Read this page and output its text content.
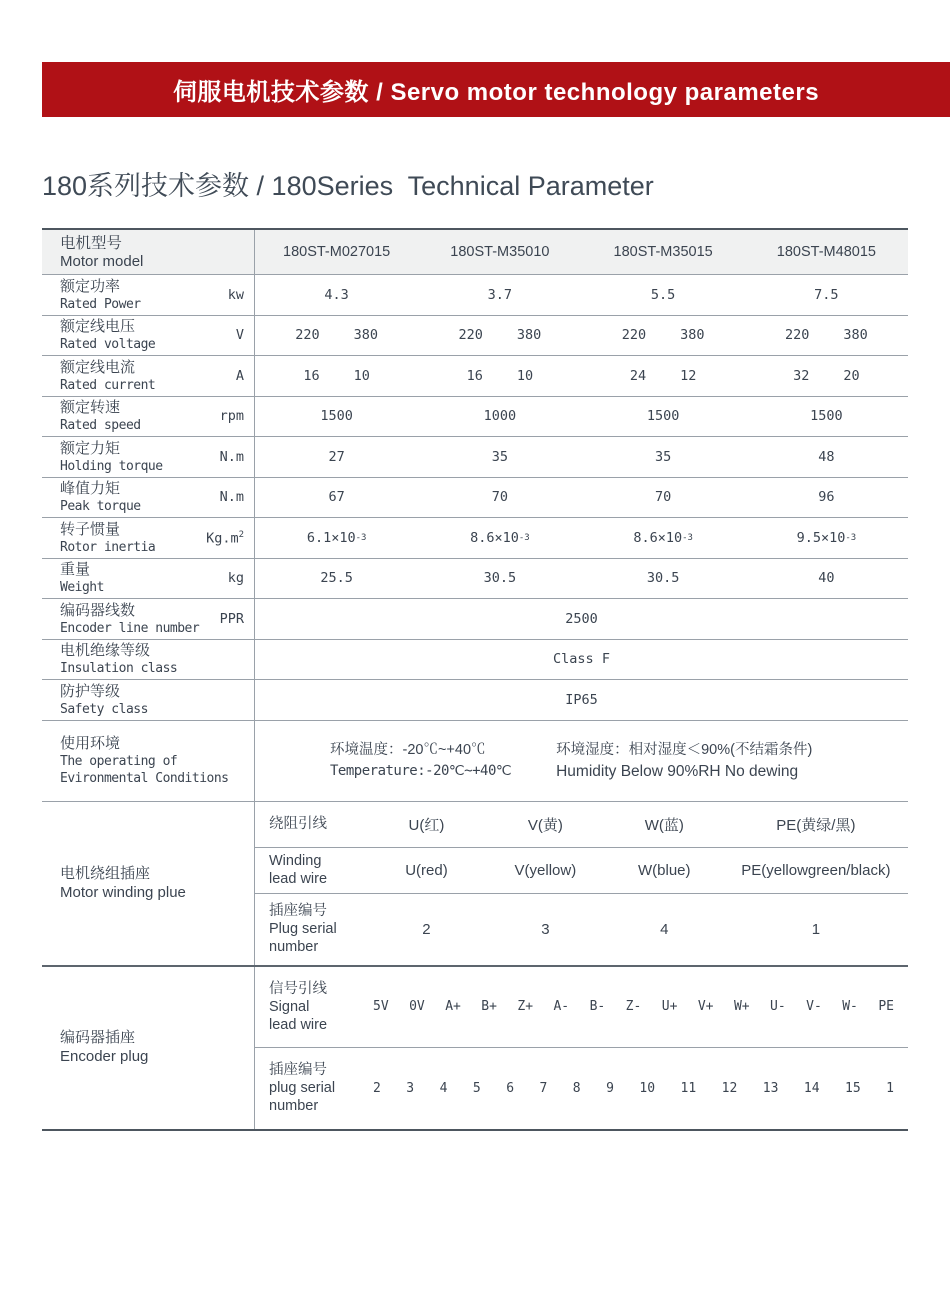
伺服电机技术参数 / Servo motor technology parameters
180系列技术参数 / 180Series  Technical Parameter
电机型号
Motor model
180ST-M027015	180ST-M35010	180ST-M35015	180ST-M48015
额定功率
Rated Power
kw	4.3	3.7	5.5	7.5
额定线电压
Rated voltage
V	220	380	220	380	220	380	220	380
额定线电流
Rated current
A	16	10	16	10	24	12	32	20
额定转速
Rated speed
rpm	1500	1000	1500	1500
额定力矩
Holding torque
N.m	27	35	35	48
峰值力矩
Peak torque
N.m	67	70	70	96
转子惯量
Rotor inertia
$Kg.m^2$	6.1×10 -3	8.6×10 -3	8.6×10 -3	9.5×10 -3
重量
Weight
kg	25.5	30.5	30.5	40
编码器线数
Encoder line number
PPR	2500
电机绝缘等级
Insulation class
Class F
防护等级
Safety class
IP65
使用环境
The operating of
Evironmental Conditions
环境温度：-20℃~+40℃
Temperature:-20℃~+40℃
环境湿度：相对湿度＜90%(不结霜条件)
Humidity Below 90%RH No dewing
电机绕组插座
Motor winding plue
绕阻引线	U(红)	V(黄)	W(蓝)	PE(黄绿/黑)
Winding
lead wire
U(red)	V(yellow)	W(blue)	PE(yellowgreen/black)
插座编号
Plug serial
number
2	3	4	1
编码器插座
Encoder plug
信号引线
Signal
lead wire
5V 0V A+ B+ Z+ A- B- Z- U+ V+ W+ U- V- W- PE
插座编号
plug serial
number
2 3 4 5 6 7 8 9 10 11 12 13 14 15 1
